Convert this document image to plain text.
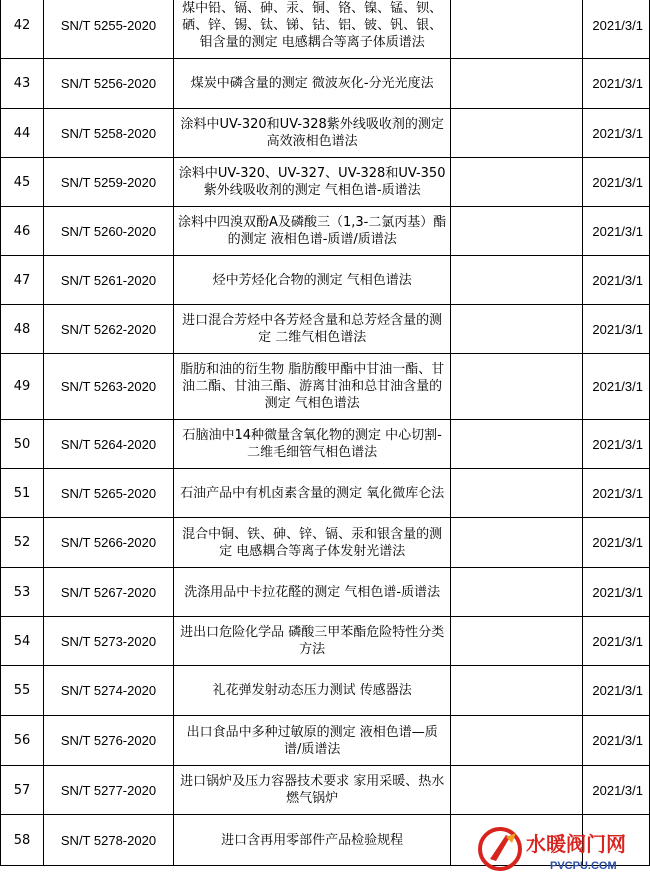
42	SN/T 5255-2020	煤中铅、镉、砷、汞、铜、铬、镍、锰、钡、硒、锌、锡、钛、锑、钴、铝、铍、钒、银、钼含量的测定 电感耦合等离子体质谱法		2021/3/1
43	SN/T 5256-2020	煤炭中磷含量的测定 微波灰化-分光光度法		2021/3/1
44	SN/T 5258-2020	涂料中UV-320和UV-328紫外线吸收剂的测定 高效液相色谱法		2021/3/1
45	SN/T 5259-2020	涂料中UV-320、UV-327、UV-328和UV-350紫外线吸收剂的测定 气相色谱-质谱法		2021/3/1
46	SN/T 5260-2020	涂料中四溴双酚A及磷酸三（1,3-二氯丙基）酯的测定 液相色谱-质谱/质谱法		2021/3/1
47	SN/T 5261-2020	烃中芳烃化合物的测定 气相色谱法		2021/3/1
48	SN/T 5262-2020	进口混合芳烃中各芳烃含量和总芳烃含量的测定 二维气相色谱法		2021/3/1
49	SN/T 5263-2020	脂肪和油的衍生物 脂肪酸甲酯中甘油一酯、甘油二酯、甘油三酯、游离甘油和总甘油含量的测定 气相色谱法		2021/3/1
50	SN/T 5264-2020	石脑油中14种微量含氧化物的测定 中心切割-二维毛细管气相色谱法		2021/3/1
51	SN/T 5265-2020	石油产品中有机卤素含量的测定 氧化微库仑法		2021/3/1
52	SN/T 5266-2020	混合中铜、铁、砷、锌、镉、汞和银含量的测定 电感耦合等离子体发射光谱法		2021/3/1
53	SN/T 5267-2020	洗涤用品中卡拉花醛的测定 气相色谱-质谱法		2021/3/1
54	SN/T 5273-2020	进出口危险化学品 磷酸三甲苯酯危险特性分类方法		2021/3/1
55	SN/T 5274-2020	礼花弹发射动态压力测试 传感器法		2021/3/1
56	SN/T 5276-2020	出口食品中多种过敏原的测定 液相色谱—质谱/质谱法		2021/3/1
57	SN/T 5277-2020	进口锅炉及压力容器技术要求 家用采暖、热水燃气锅炉		2021/3/1
58	SN/T 5278-2020	进口含再用零部件产品检验规程			水暖阀门网
PVCPU.COM
